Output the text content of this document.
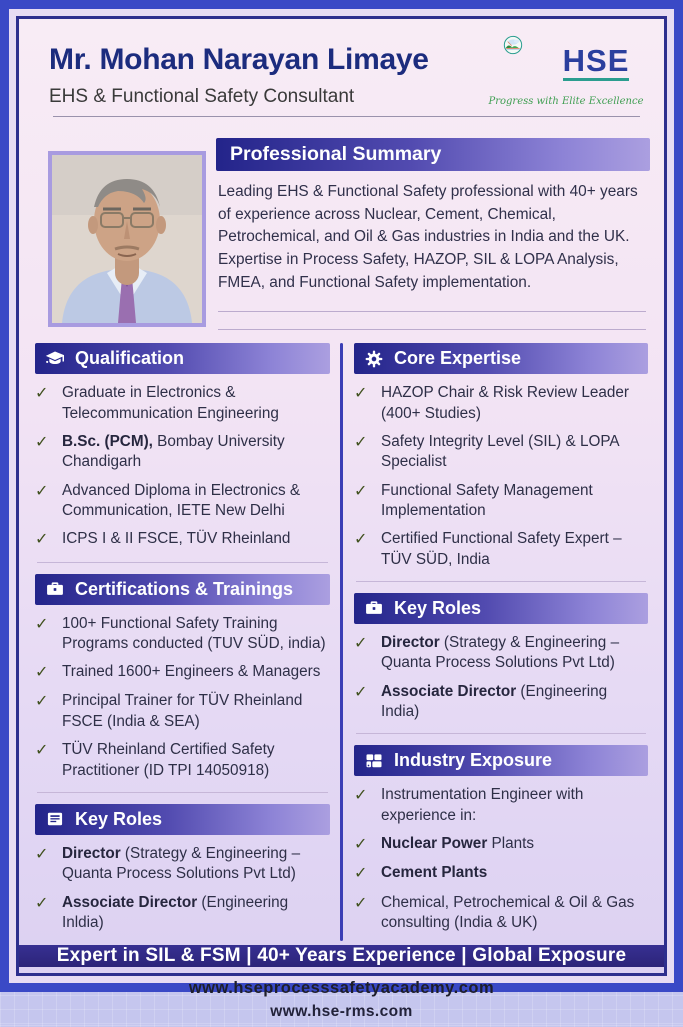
Mr. Mohan Narayan Limaye
EHS & Functional Safety Consultant
HSE
Progress with Elite Excellence
Professional Summary

Leading EHS & Functional Safety professional with 40+ years of experience across Nuclear, Cement, Chemical, Petrochemical, and Oil & Gas industries in India and the UK. Expertise in Process Safety, HAZOP, SIL & LOPA Analysis, FMEA, and Functional Safety implementation.

Qualification
✓ Graduate in Electronics & Telecommunication Engineering
✓ B.Sc. (PCM), Bombay University Chandigarh
✓ Advanced Diploma in Electronics & Communication, IETE New Delhi
✓ ICPS I & II FSCE, TÜV Rheinland
Certifications & Trainings
✓ 100+ Functional Safety Training Programs conducted (TUV SÜD, india)
✓ Trained 1600+ Engineers & Managers
✓ Principal Trainer for TÜV Rheinland FSCE (India & SEA)
✓ TÜV Rheinland Certified Safety Practitioner (ID TPI 14050918)
Key Roles
✓ Director (Strategy & Engineering – Quanta Process Solutions Pvt Ltd)
✓ Associate Director (Engineering Inldia)
Core Expertise
✓ HAZOP Chair & Risk Review Leader (400+ Studies)
✓ Safety Integrity Level (SIL) & LOPA Specialist
✓ Functional Safety Management Implementation
✓ Certified Functional Safety Expert – TÜV SÜD, India
Key Roles
✓ Director (Strategy & Engineering – Quanta Process Solutions Pvt Ltd)
✓ Associate Director (Engineering India)
Industry Exposure
✓ Instrumentation Engineer with experience in:
✓ Nuclear Power Plants
✓ Cement Plants
✓ Chemical, Petrochemical & Oil & Gas consulting (India & UK)
Expert in SIL & FSM | 40+ Years Experience | Global Exposure
www.hseprocesssafetyacademy.com
www.hse-rms.com
